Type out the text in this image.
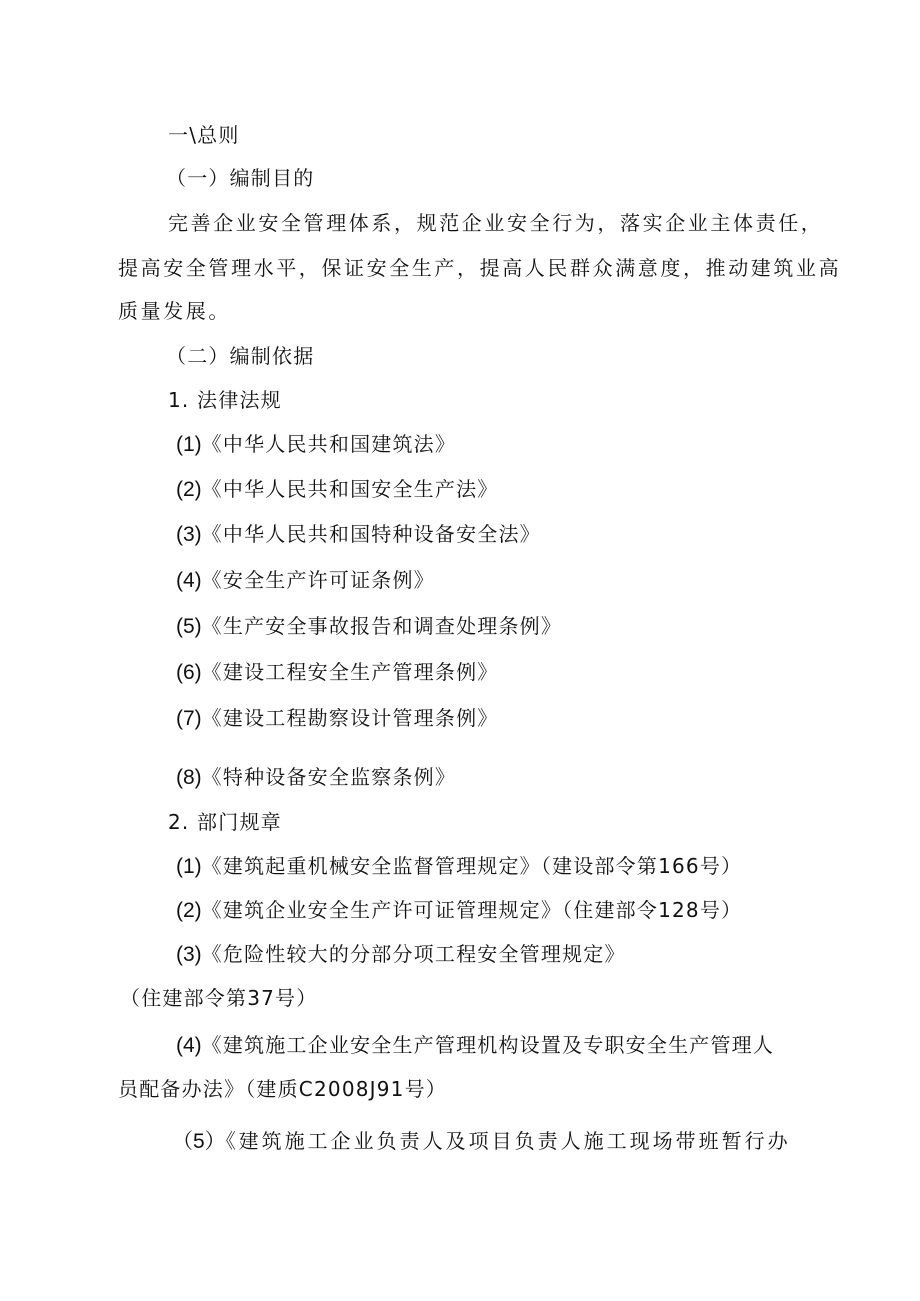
一\总则
（一）编制目的
完善企业安全管理体系，规范企业安全行为，落实企业主体责任，
提高安全管理水平，保证安全生产，提高人民群众满意度，推动建筑业高
质量发展。
（二）编制依据
1. 法律法规
(1)《中华人民共和国建筑法》
(2)《中华人民共和国安全生产法》
(3)《中华人民共和国特种设备安全法》
(4)《安全生产许可证条例》
(5)《生产安全事故报告和调查处理条例》
(6)《建设工程安全生产管理条例》
(7)《建设工程勘察设计管理条例》
(8)《特种设备安全监察条例》
2. 部门规章
(1)《建筑起重机械安全监督管理规定》（建设部令第166号）
(2)《建筑企业安全生产许可证管理规定》（住建部令128号）
(3)《危险性较大的分部分项工程安全管理规定》
（住建部令第37号）
(4)《建筑施工企业安全生产管理机构设置及专职安全生产管理人
员配备办法》（建质C2008J91号）
（5）《建筑施工企业负责人及项目负责人施工现场带班暂行办
